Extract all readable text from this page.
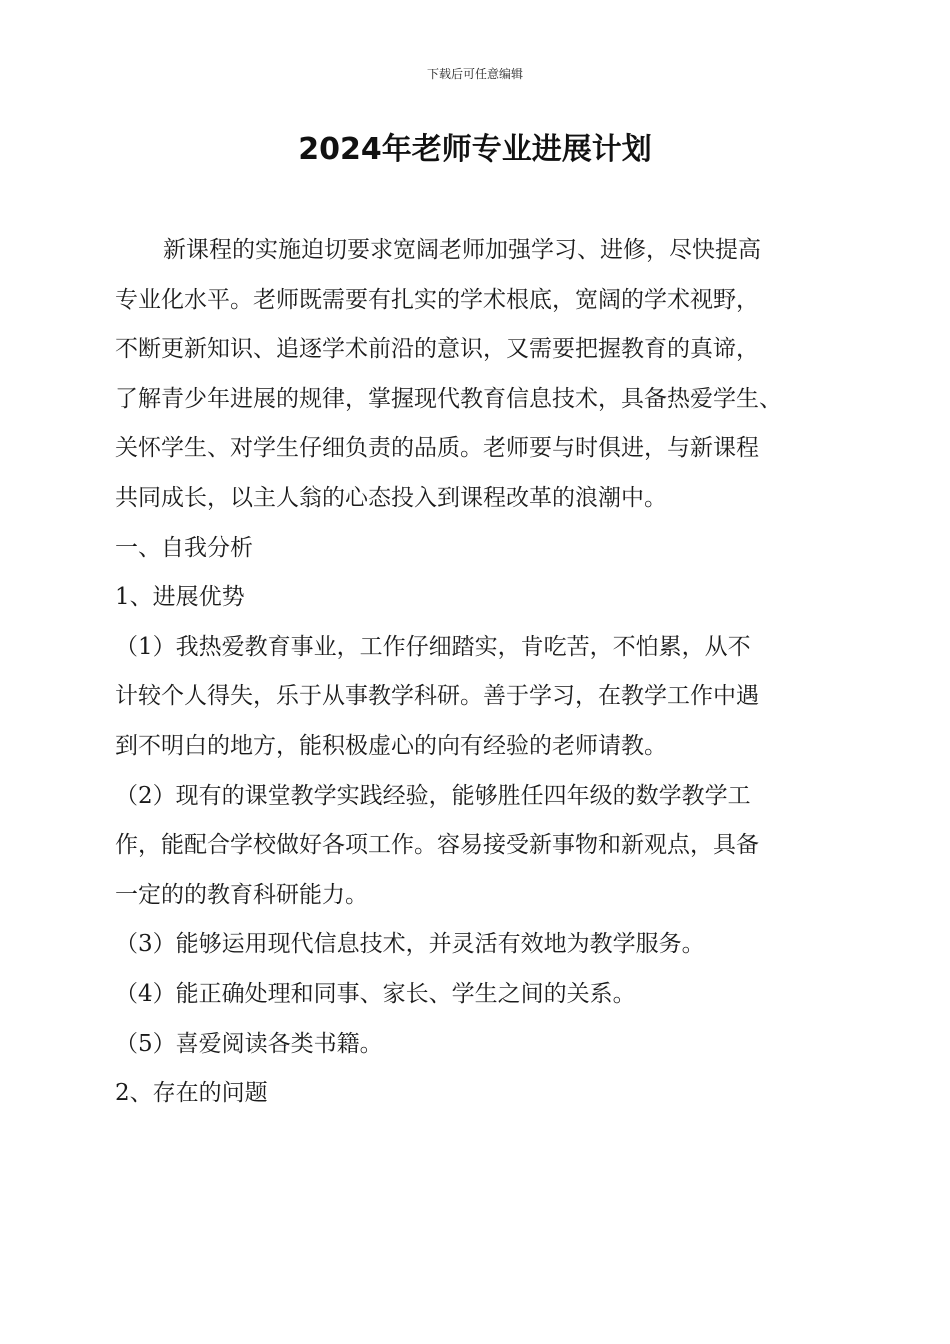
下载后可任意编辑
2024年老师专业进展计划
新课程的实施迫切要求宽阔老师加强学习、进修，尽快提高
专业化水平。老师既需要有扎实的学术根底，宽阔的学术视野，
不断更新知识、追逐学术前沿的意识，又需要把握教育的真谛，
了解青少年进展的规律，掌握现代教育信息技术，具备热爱学生、
关怀学生、对学生仔细负责的品质。老师要与时俱进，与新课程
共同成长，以主人翁的心态投入到课程改革的浪潮中。
一、自我分析
1、进展优势
（1）我热爱教育事业，工作仔细踏实，肯吃苦，不怕累，从不
计较个人得失，乐于从事教学科研。善于学习，在教学工作中遇
到不明白的地方，能积极虚心的向有经验的老师请教。
（2）现有的课堂教学实践经验，能够胜任四年级的数学教学工
作，能配合学校做好各项工作。容易接受新事物和新观点，具备
一定的的教育科研能力。
（3）能够运用现代信息技术，并灵活有效地为教学服务。
（4）能正确处理和同事、家长、学生之间的关系。
（5）喜爱阅读各类书籍。
2、存在的问题
